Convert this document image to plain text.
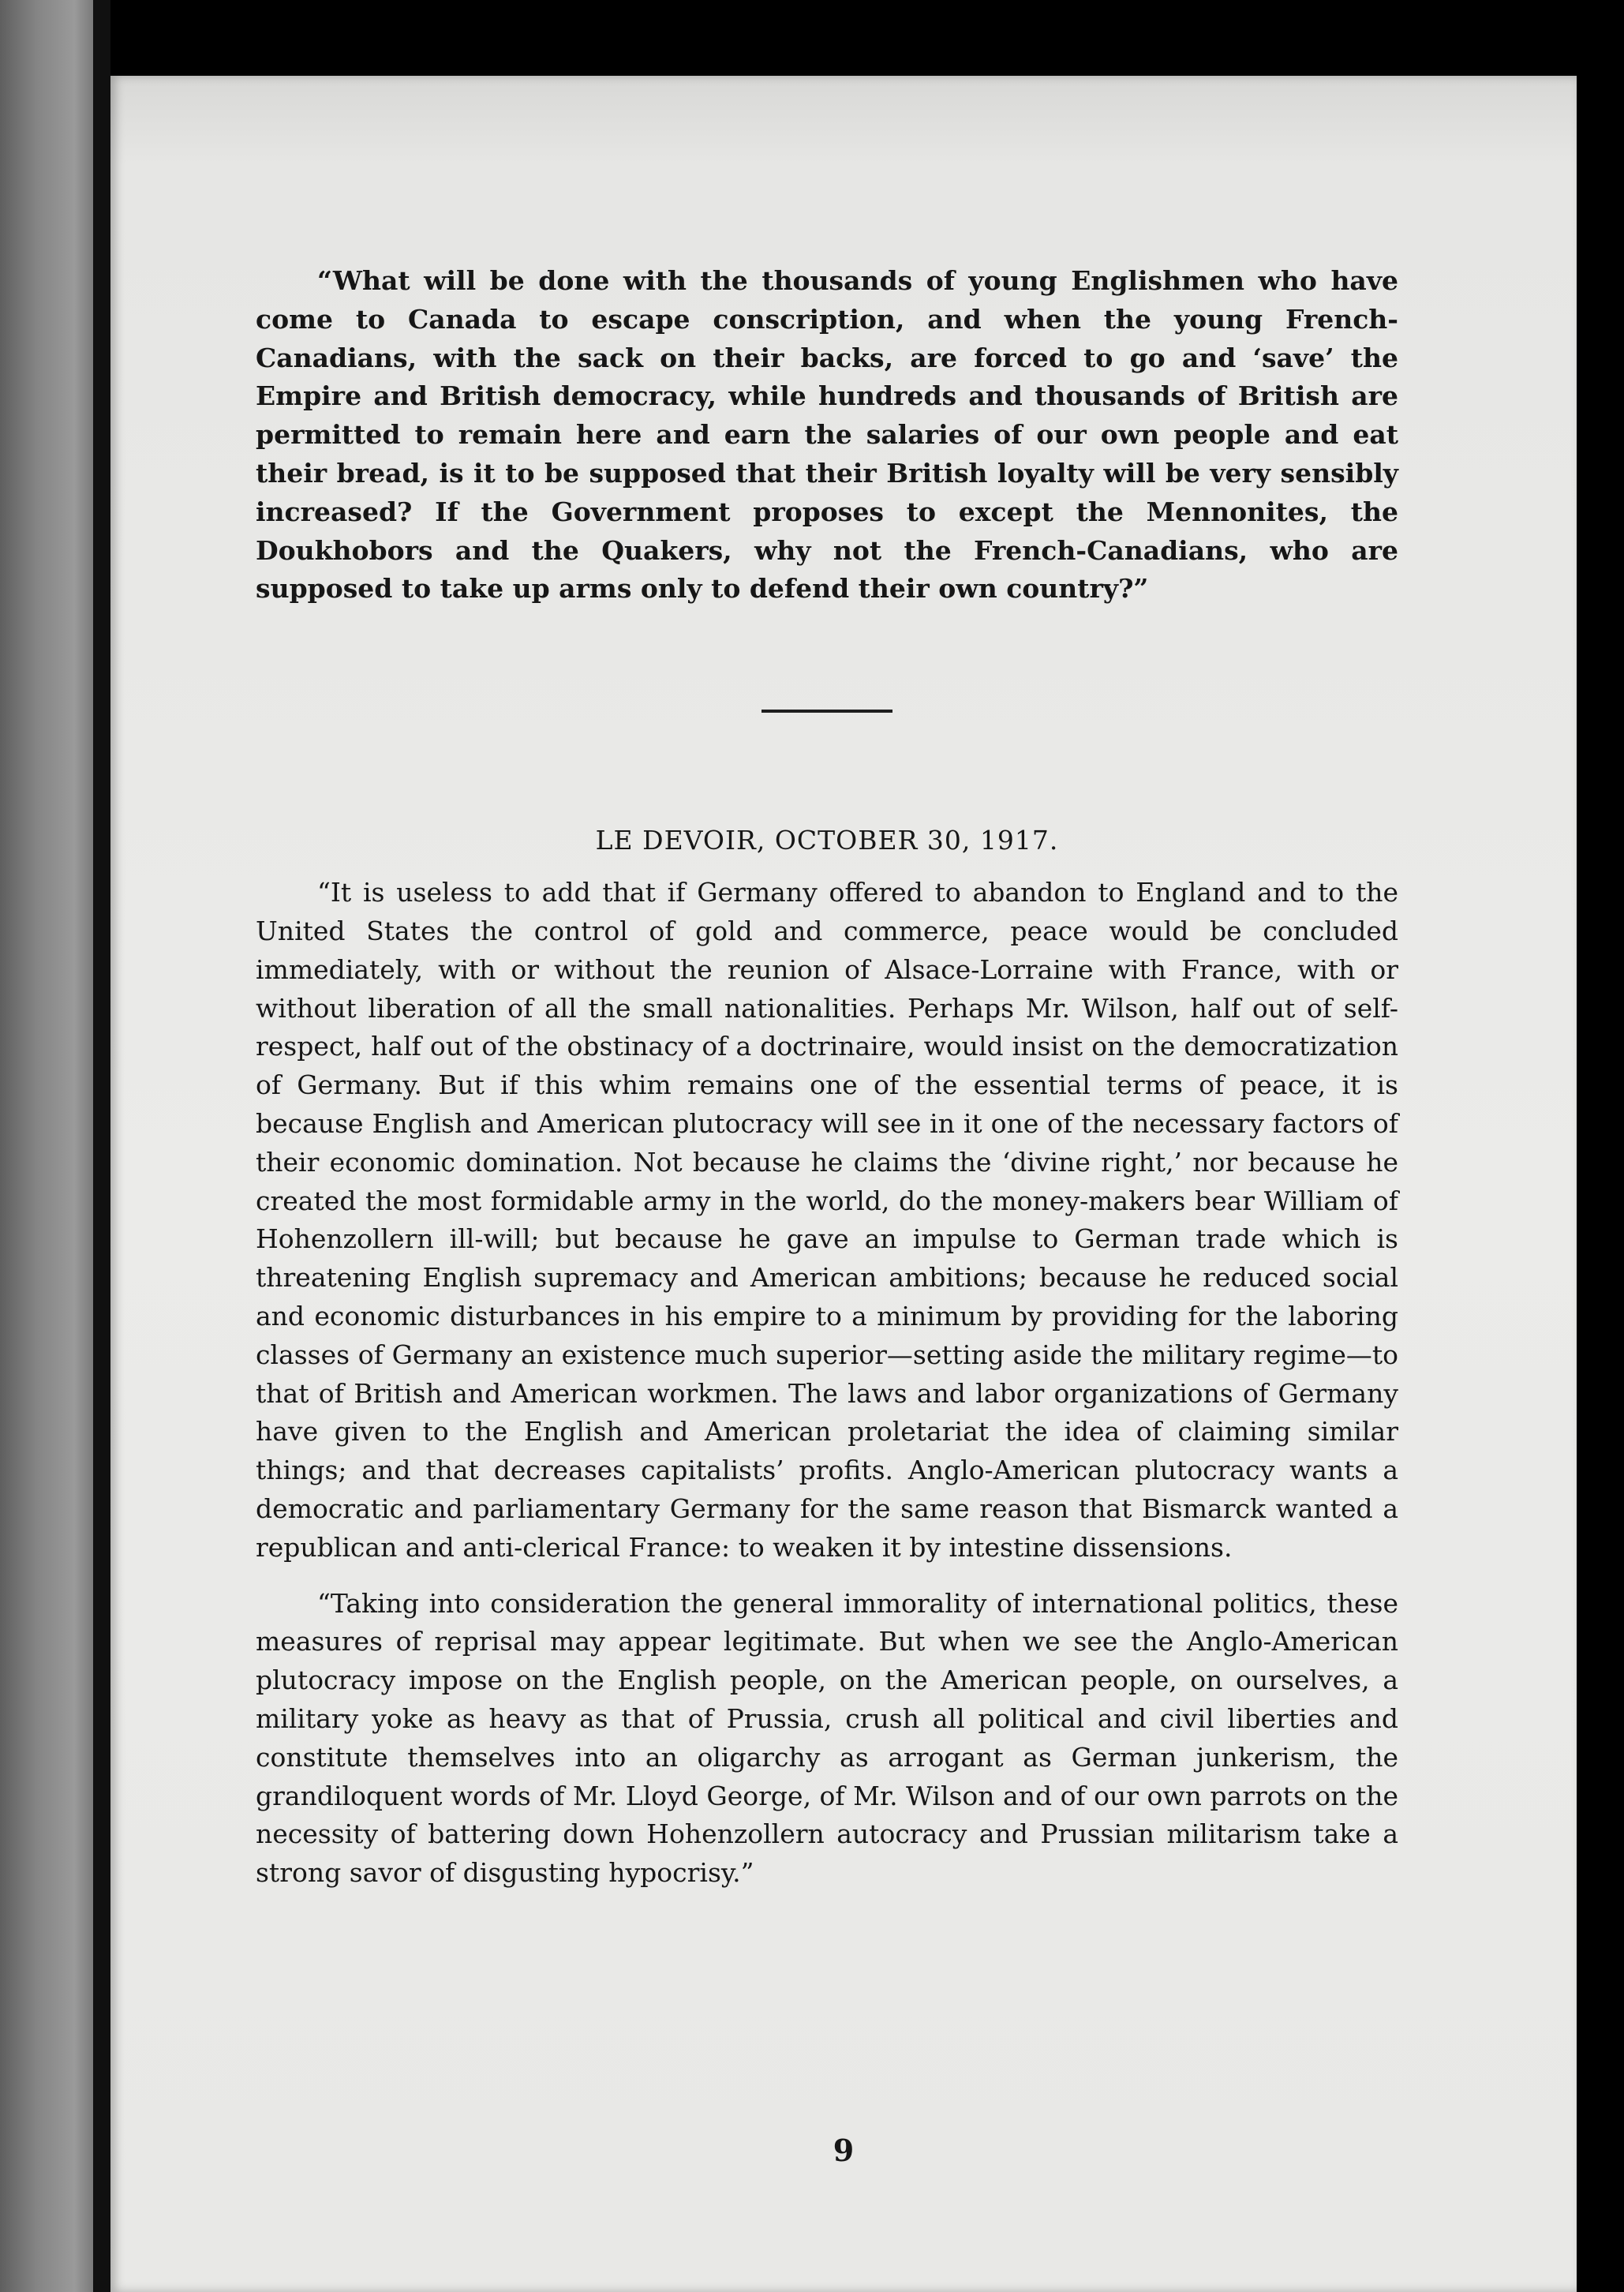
“What will be done with the thousands of young Englishmen who have come to Canada to escape conscription, and when the young French-Canadians, with the sack on their backs, are forced to go and ‘save’ the Empire and British democracy, while hundreds and thousands of British are permitted to remain here and earn the salaries of our own people and eat their bread, is it to be supposed that their British loyalty will be very sensibly increased? If the Government proposes to except the Mennonites, the Doukhobors and the Quakers, why not the French-Canadians, who are supposed to take up arms only to defend their own country?”

LE DEVOIR, OCTOBER 30, 1917.

“It is useless to add that if Germany offered to abandon to England and to the United States the control of gold and commerce, peace would be concluded immediately, with or without the reunion of Alsace-Lorraine with France, with or without liberation of all the small nationalities. Perhaps Mr. Wilson, half out of self-respect, half out of the obstinacy of a doctrinaire, would insist on the democratization of Germany. But if this whim remains one of the essential terms of peace, it is because English and American plutocracy will see in it one of the necessary factors of their economic domination. Not because he claims the ‘divine right,’ nor because he created the most formidable army in the world, do the money-makers bear William of Hohenzollern ill-will; but because he gave an impulse to German trade which is threatening English supremacy and American ambitions; because he reduced social and economic disturbances in his empire to a minimum by providing for the laboring classes of Germany an existence much superior—setting aside the military regime—to that of British and American workmen. The laws and labor organizations of Germany have given to the English and American proletariat the idea of claiming similar things; and that decreases capitalists’ profits. Anglo-American plutocracy wants a democratic and parliamentary Germany for the same reason that Bismarck wanted a republican and anti-clerical France: to weaken it by intestine dissensions.

“Taking into consideration the general immorality of international politics, these measures of reprisal may appear legitimate. But when we see the Anglo-American plutocracy impose on the English people, on the American people, on ourselves, a military yoke as heavy as that of Prussia, crush all political and civil liberties and constitute themselves into an oligarchy as arrogant as German junkerism, the grandiloquent words of Mr. Lloyd George, of Mr. Wilson and of our own parrots on the necessity of battering down Hohenzollern autocracy and Prussian militarism take a strong savor of disgusting hypocrisy.”

9
